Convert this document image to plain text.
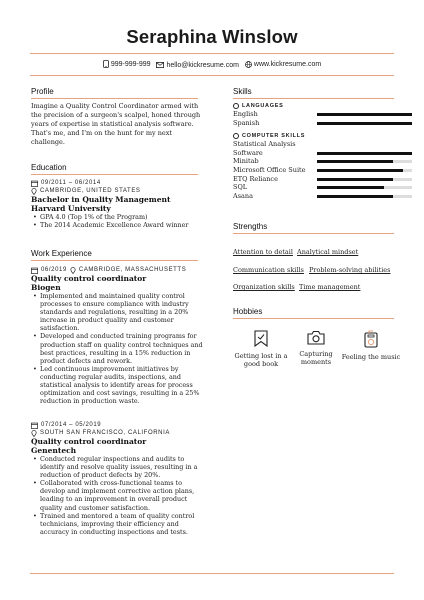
Seraphina Winslow
999-999-999
hello@kickresume.com
www.kickresume.com
Profile
Imagine a Quality Control Coordinator armed with the precision of a surgeon's scalpel, honed through years of expertise in statistical analysis software. That's me, and I'm on the hunt for my next challenge.
Education
09/2011 – 06/2014
CAMBRIDGE, UNITED STATES
Bachelor in Quality Management
Harvard University
• GPA 4.0 (Top 1% of the Program)
• The 2014 Academic Excellence Award winner
Work Experience
06/2019 CAMBRIDGE, MASSACHUSETTS
Quality control coordinator
Biogen
• Implemented and maintained quality control processes to ensure compliance with industry standards and regulations, resulting in a 20% increase in product quality and customer satisfaction.
• Developed and conducted training programs for production staff on quality control techniques and best practices, resulting in a 15% reduction in product defects and rework.
• Led continuous improvement initiatives by conducting regular audits, inspections, and statistical analysis to identify areas for process optimization and cost savings, resulting in a 25% reduction in production waste.
07/2014 – 05/2019
SOUTH SAN FRANCISCO, CALIFORNIA
Quality control coordinator
Genentech
• Conducted regular inspections and audits to identify and resolve quality issues, resulting in a reduction of product defects by 20%.
• Collaborated with cross-functional teams to develop and implement corrective action plans, leading to an improvement in overall product quality and customer satisfaction.
• Trained and mentored a team of quality control technicians, improving their efficiency and accuracy in conducting inspections and tests.
Skills
LANGUAGES
English
Spanish
COMPUTER SKILLS
Statistical Analysis Software
Minitab
Microsoft Office Suite
ETQ Reliance
SQL
Asana
Strengths
Attention to detail Analytical mindset
Communication skills Problem-solving abilities
Organization skills Time management
Hobbies
Getting lost in a good book
Capturing moments
Feeling the music
